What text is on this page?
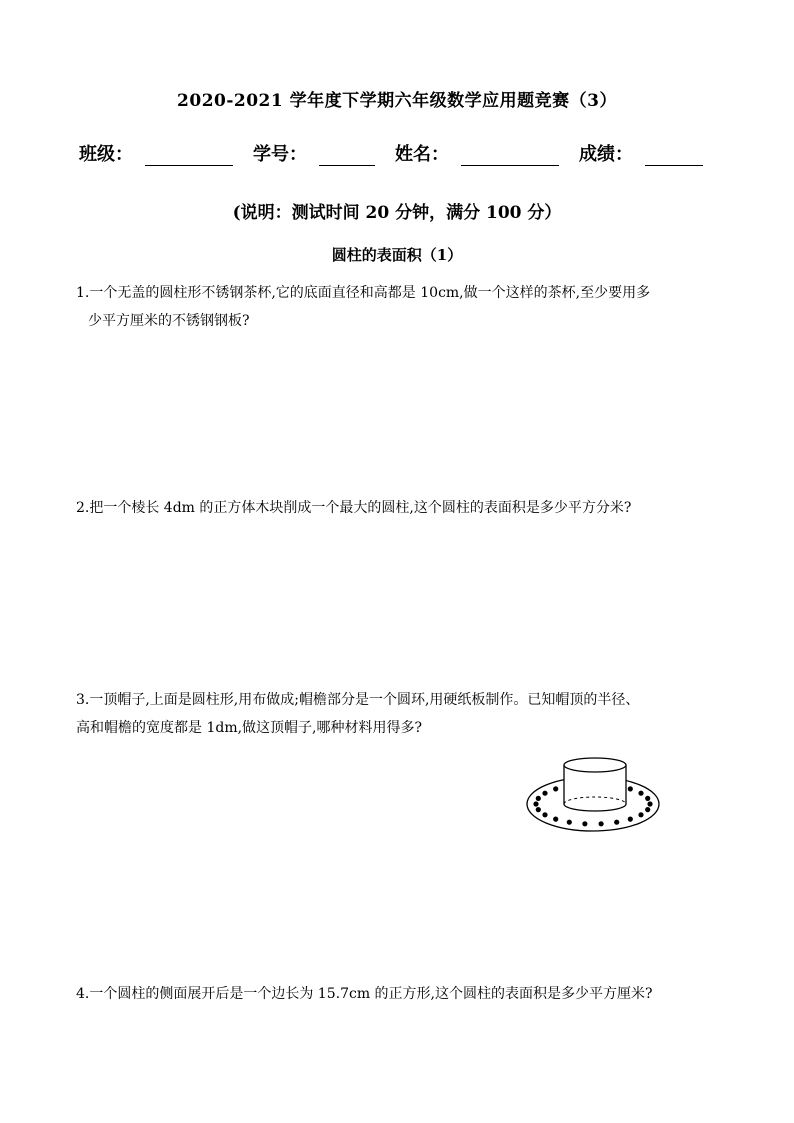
2020-2021 学年度下学期六年级数学应用题竞赛（3）
班级：	学号：	姓名：	成绩：
(说明：测试时间 20 分钟，满分 100 分）
圆柱的表面积（1）
1.一个无盖的圆柱形不锈钢茶杯,它的底面直径和高都是 10cm,做一个这样的茶杯,至少要用多
少平方厘米的不锈钢钢板?
2.把一个棱长 4dm 的正方体木块削成一个最大的圆柱,这个圆柱的表面积是多少平方分米?
3.一顶帽子,上面是圆柱形,用布做成;帽檐部分是一个圆环,用硬纸板制作。已知帽顶的半径、
高和帽檐的宽度都是 1dm,做这顶帽子,哪种材料用得多?
4.一个圆柱的侧面展开后是一个边长为 15.7cm 的正方形,这个圆柱的表面积是多少平方厘米?
